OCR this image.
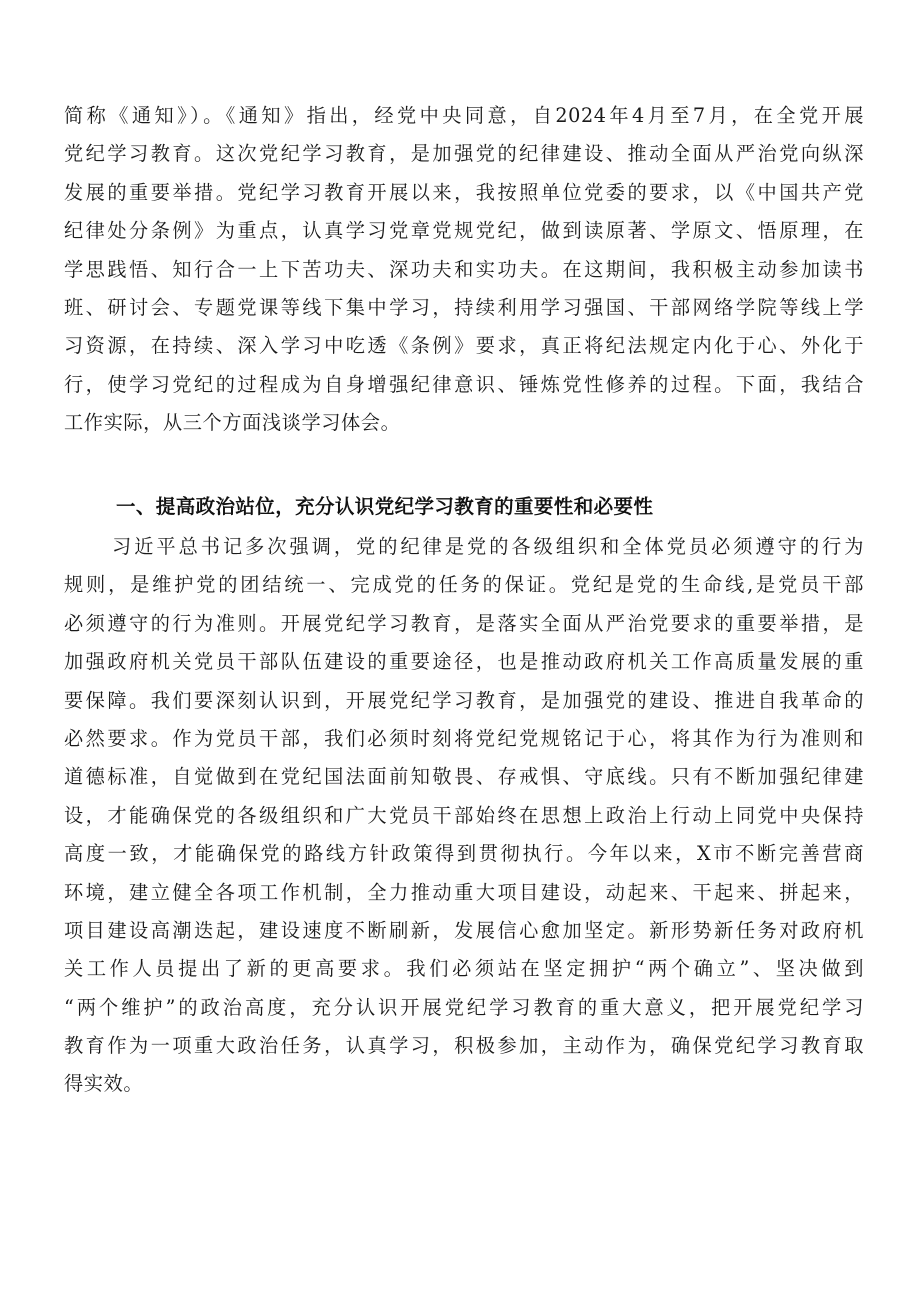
简称《通知》）。《通知》指出，经党中央同意，自2024年4月至7月，在全党开展
党纪学习教育。这次党纪学习教育，是加强党的纪律建设、推动全面从严治党向纵深
发展的重要举措。党纪学习教育开展以来，我按照单位党委的要求，以《中国共产党
纪律处分条例》为重点，认真学习党章党规党纪，做到读原著、学原文、悟原理，在
学思践悟、知行合一上下苦功夫、深功夫和实功夫。在这期间，我积极主动参加读书
班、研讨会、专题党课等线下集中学习，持续利用学习强国、干部网络学院等线上学
习资源，在持续、深入学习中吃透《条例》要求，真正将纪法规定内化于心、外化于
行，使学习党纪的过程成为自身增强纪律意识、锤炼党性修养的过程。下面，我结合
工作实际，从三个方面浅谈学习体会。
一、提高政治站位，充分认识党纪学习教育的重要性和必要性
习近平总书记多次强调，党的纪律是党的各级组织和全体党员必须遵守的行为
规则，是维护党的团结统一、完成党的任务的保证。党纪是党的生命线,是党员干部
必须遵守的行为准则。开展党纪学习教育，是落实全面从严治党要求的重要举措，是
加强政府机关党员干部队伍建设的重要途径，也是推动政府机关工作高质量发展的重
要保障。我们要深刻认识到，开展党纪学习教育，是加强党的建设、推进自我革命的
必然要求。作为党员干部，我们必须时刻将党纪党规铭记于心，将其作为行为准则和
道德标准，自觉做到在党纪国法面前知敬畏、存戒惧、守底线。只有不断加强纪律建
设，才能确保党的各级组织和广大党员干部始终在思想上政治上行动上同党中央保持
高度一致，才能确保党的路线方针政策得到贯彻执行。今年以来，X市不断完善营商
环境，建立健全各项工作机制，全力推动重大项目建设，动起来、干起来、拼起来，
项目建设高潮迭起，建设速度不断刷新，发展信心愈加坚定。新形势新任务对政府机
关工作人员提出了新的更高要求。我们必须站在坚定拥护“两个确立”、坚决做到
“两个维护”的政治高度，充分认识开展党纪学习教育的重大意义，把开展党纪学习
教育作为一项重大政治任务，认真学习，积极参加，主动作为，确保党纪学习教育取
得实效。
